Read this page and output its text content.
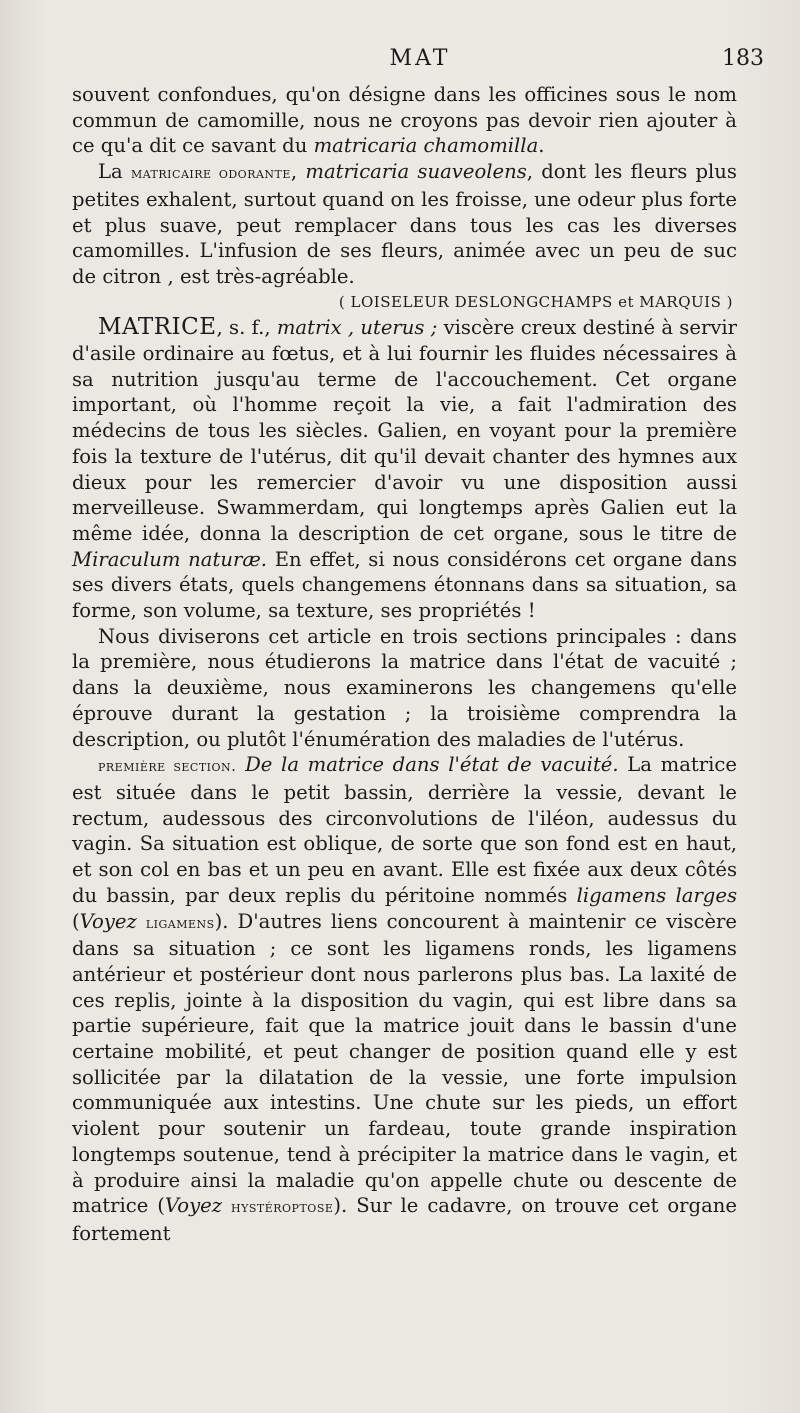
MAT	183

souvent confondues, qu'on désigne dans les officines sous le nom commun de camomille, nous ne croyons pas devoir rien ajouter à ce qu'a dit ce savant du matricaria chamomilla.

La matricaire odorante, matricaria suaveolens, dont les fleurs plus petites exhalent, surtout quand on les froisse, une odeur plus forte et plus suave, peut remplacer dans tous les cas les diverses camomilles. L'infusion de ses fleurs, animée avec un peu de suc de citron , est très-agréable.

( LOISELEUR DESLONGCHAMPS et MARQUIS )

MATRICE, s. f., matrix , uterus ; viscère creux destiné à servir d'asile ordinaire au fœtus, et à lui fournir les fluides nécessaires à sa nutrition jusqu'au terme de l'accouchement. Cet organe important, où l'homme reçoit la vie, a fait l'admiration des médecins de tous les siècles. Galien, en voyant pour la première fois la texture de l'utérus, dit qu'il devait chanter des hymnes aux dieux pour les remercier d'avoir vu une disposition aussi merveilleuse. Swammerdam, qui longtemps après Galien eut la même idée, donna la description de cet organe, sous le titre de Miraculum naturæ. En effet, si nous considérons cet organe dans ses divers états, quels changemens étonnans dans sa situation, sa forme, son volume, sa texture, ses propriétés !

Nous diviserons cet article en trois sections principales : dans la première, nous étudierons la matrice dans l'état de vacuité ; dans la deuxième, nous examinerons les changemens qu'elle éprouve durant la gestation ; la troisième comprendra la description, ou plutôt l'énumération des maladies de l'utérus.

première section. De la matrice dans l'état de vacuité. La matrice est située dans le petit bassin, derrière la vessie, devant le rectum, audessous des circonvolutions de l'iléon, audessus du vagin. Sa situation est oblique, de sorte que son fond est en haut, et son col en bas et un peu en avant. Elle est fixée aux deux côtés du bassin, par deux replis du péritoine nommés ligamens larges (Voyez ligamens). D'autres liens concourent à maintenir ce viscère dans sa situation ; ce sont les ligamens ronds, les ligamens antérieur et postérieur dont nous parlerons plus bas. La laxité de ces replis, jointe à la disposition du vagin, qui est libre dans sa partie supérieure, fait que la matrice jouit dans le bassin d'une certaine mobilité, et peut changer de position quand elle y est sollicitée par la dilatation de la vessie, une forte impulsion communiquée aux intestins. Une chute sur les pieds, un effort violent pour soutenir un fardeau, toute grande inspiration longtemps soutenue, tend à précipiter la matrice dans le vagin, et à produire ainsi la maladie qu'on appelle chute ou descente de matrice (Voyez hystéroptose). Sur le cadavre, on trouve cet organe fortement
